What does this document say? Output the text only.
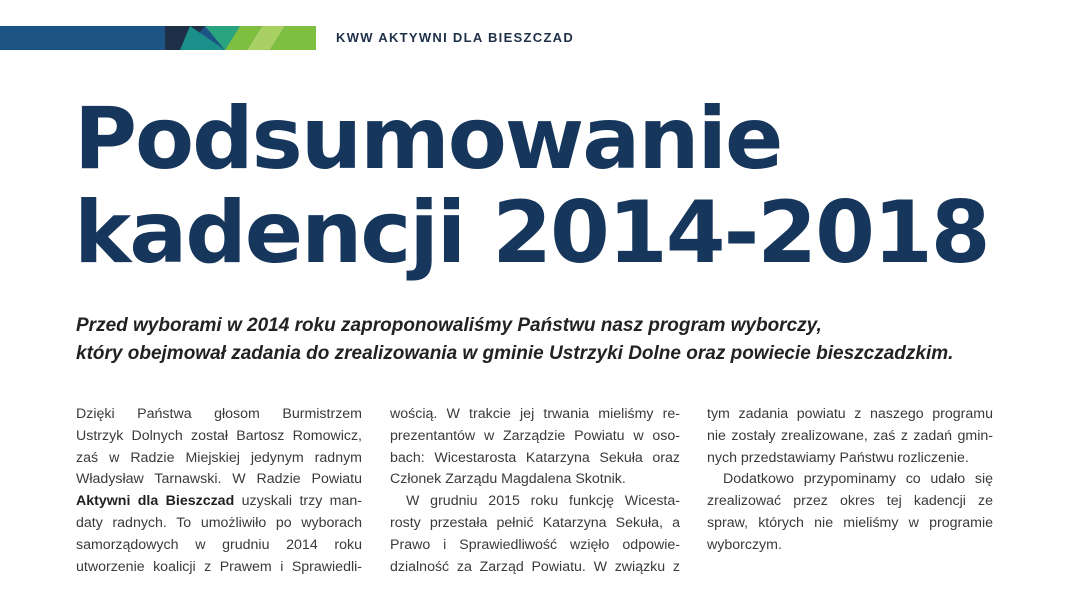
KWW AKTYWNI DLA BIESZCZAD
Podsumowanie
kadencji 2014-2018

Przed wyborami w 2014 roku zaproponowaliśmy Państwu nasz program wyborczy,
który obejmował zadania do zrealizowania w gminie Ustrzyki Dolne oraz powiecie bieszczadzkim.

Dzięki Państwa głosom Burmistrzem
Ustrzyk Dolnych został Bartosz Romowicz,
zaś w Radzie Miejskiej jedynym radnym
Władysław Tarnawski. W Radzie Powiatu
Aktywni dla Bieszczad uzyskali trzy man-
daty radnych. To umożliwiło po wyborach
samorządowych w grudniu 2014 roku
utworzenie koalicji z Prawem i Sprawiedli-
wością. W trakcie jej trwania mieliśmy re-
prezentantów w Zarządzie Powiatu w oso-
bach: Wicestarosta Katarzyna Sekuła oraz
Członek Zarządu Magdalena Skotnik.
W grudniu 2015 roku funkcję Wicesta-
rosty przestała pełnić Katarzyna Sekuła, a
Prawo i Sprawiedliwość wzięło odpowie-
dzialność za Zarząd Powiatu. W związku z
tym zadania powiatu z naszego programu
nie zostały zrealizowane, zaś z zadań gmin-
nych przedstawiamy Państwu rozliczenie.
Dodatkowo przypominamy co udało się
zrealizować przez okres tej kadencji ze
spraw, których nie mieliśmy w programie
wyborczym.
